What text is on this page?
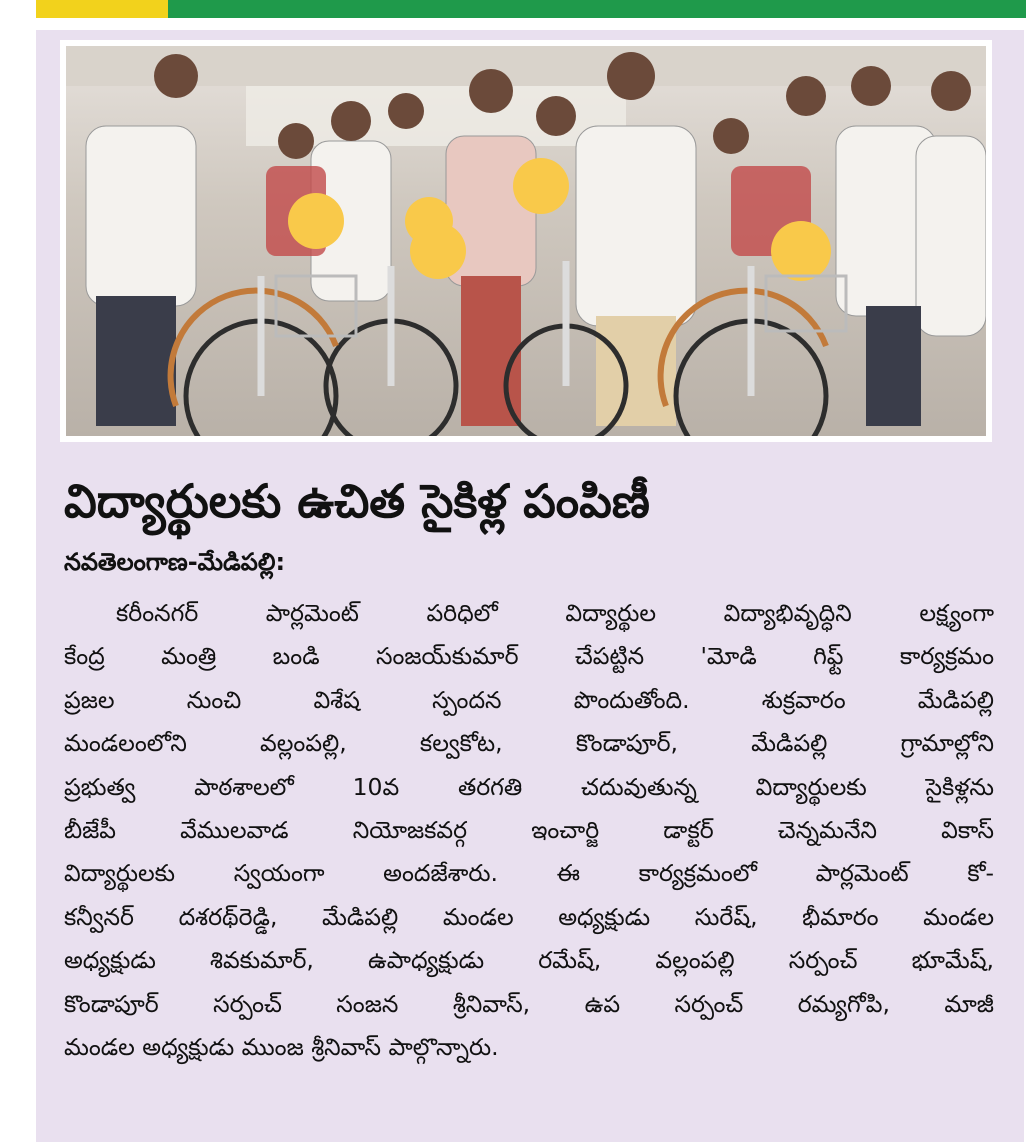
విద్యార్థులకు ఉచిత సైకిళ్ల పంపిణీ
నవతెలంగాణ-మేడిపల్లి:
కరీంనగర్ పార్లమెంట్ పరిధిలో విద్యార్థుల విద్యాభివృద్ధిని లక్ష్యంగా
కేంద్ర మంత్రి బండి సంజయ్‌కుమార్ చేపట్టిన 'మోడి గిఫ్ట్ కార్యక్రమం
ప్రజల నుంచి విశేష స్పందన పొందుతోంది. శుక్రవారం మేడిపల్లి
మండలంలోని వల్లంపల్లి, కల్వకోట, కొండాపూర్, మేడిపల్లి గ్రామాల్లోని
ప్రభుత్వ పాఠశాలలో 10వ తరగతి చదువుతున్న విద్యార్థులకు సైకిళ్లను
బీజేపీ వేములవాడ నియోజకవర్గ ఇంచార్జి డాక్టర్ చెన్నమనేని వికాస్
విద్యార్థులకు స్వయంగా అందజేశారు. ఈ కార్యక్రమంలో పార్లమెంట్ కో-
కన్వీనర్ దశరథ్‌రెడ్డి, మేడిపల్లి మండల అధ్యక్షుడు సురేష్, భీమారం మండల
అధ్యక్షుడు శివకుమార్, ఉపాధ్యక్షుడు రమేష్, వల్లంపల్లి సర్పంచ్ భూమేష్,
కొండాపూర్ సర్పంచ్ సంజన శ్రీనివాస్, ఉప సర్పంచ్ రమ్యగోపి, మాజీ
మండల అధ్యక్షుడు ముంజ శ్రీనివాస్ పాల్గొన్నారు.
